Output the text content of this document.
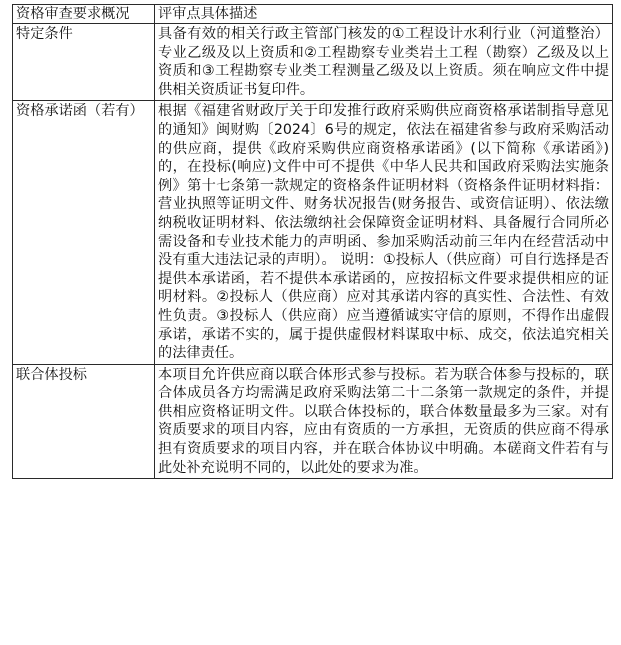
资格审查要求概况	评审点具体描述
特定条件	具备有效的相关行政主管部门核发的①工程设计水利行业（河道整治）专业乙级及以上资质和②工程勘察专业类岩土工程（勘察）乙级及以上资质和③工程勘察专业类工程测量乙级及以上资质。须在响应文件中提供相关资质证书复印件。
资格承诺函（若有）	根据《福建省财政厅关于印发推行政府采购供应商资格承诺制指导意见的通知》闽财购〔2024〕6号的规定，依法在福建省参与政府采购活动的供应商，提供《政府采购供应商资格承诺函》(以下简称《承诺函》)的，在投标(响应)文件中可不提供《中华人民共和国政府采购法实施条例》第十七条第一款规定的资格条件证明材料（资格条件证明材料指：营业执照等证明文件、财务状况报告(财务报告、或资信证明）、依法缴纳税收证明材料、依法缴纳社会保障资金证明材料、具备履行合同所必需设备和专业技术能力的声明函、参加采购活动前三年内在经营活动中没有重大违法记录的声明）。 说明：①投标人（供应商）可自行选择是否提供本承诺函，若不提供本承诺函的，应按招标文件要求提供相应的证明材料。②投标人（供应商）应对其承诺内容的真实性、合法性、有效性负责。③投标人（供应商）应当遵循诚实守信的原则，不得作出虚假承诺，承诺不实的，属于提供虚假材料谋取中标、成交，依法追究相关的法律责任。
联合体投标	本项目允许供应商以联合体形式参与投标。若为联合体参与投标的，联合体成员各方均需满足政府采购法第二十二条第一款规定的条件，并提供相应资格证明文件。以联合体投标的，联合体数量最多为三家。对有资质要求的项目内容，应由有资质的一方承担，无资质的供应商不得承担有资质要求的项目内容，并在联合体协议中明确。本磋商文件若有与此处补充说明不同的，以此处的要求为准。
